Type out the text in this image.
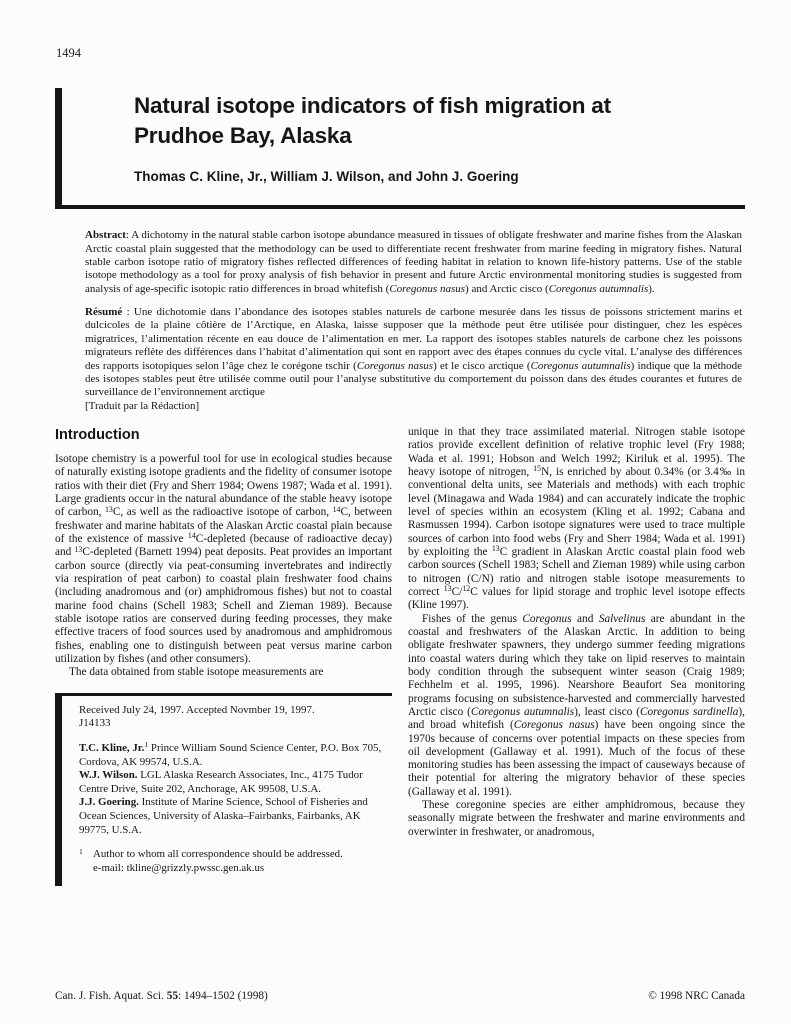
1494
Natural isotope indicators of fish migration at
Prudhoe Bay, Alaska
Thomas C. Kline, Jr., William J. Wilson, and John J. Goering

Abstract: A dichotomy in the natural stable carbon isotope abundance measured in tissues of obligate freshwater and marine fishes from the Alaskan Arctic coastal plain suggested that the methodology can be used to differentiate recent freshwater from marine feeding in migratory fishes. Natural stable carbon isotope ratio of migratory fishes reflected differences of feeding habitat in relation to known life-history patterns. Use of the stable isotope methodology as a tool for proxy analysis of fish behavior in present and future Arctic environmental monitoring studies is suggested from analysis of age-specific isotopic ratio differences in broad whitefish (Coregonus nasus) and Arctic cisco (Coregonus autumnalis).

Résumé : Une dichotomie dans l’abondance des isotopes stables naturels de carbone mesurée dans les tissus de poissons strictement marins et dulcicoles de la plaine côtière de l’Arctique, en Alaska, laisse supposer que la méthode peut être utilisée pour distinguer, chez les espèces migratrices, l’alimentation récente en eau douce de l’alimentation en mer. La rapport des isotopes stables naturels de carbone chez les poissons migrateurs reflète des différences dans l’habitat d’alimentation qui sont en rapport avec des étapes connues du cycle vital. L’analyse des différences des rapports isotopiques selon l’âge chez le corégone tschir (Coregonus nasus) et le cisco arctique (Coregonus autumnalis) indique que la méthode des isotopes stables peut être utilisée comme outil pour l’analyse substitutive du comportement du poisson dans des études courantes et futures de surveillance de l’environnement arctique

[Traduit par la Rédaction]
Introduction

Isotope chemistry is a powerful tool for use in ecological studies because of naturally existing isotope gradients and the fidelity of consumer isotope ratios with their diet (Fry and Sherr 1984; Owens 1987; Wada et al. 1991). Large gradients occur in the natural abundance of the stable heavy isotope of carbon, $^{13}$C, as well as the radioactive isotope of carbon, $^{14}$C, between freshwater and marine habitats of the Alaskan Arctic coastal plain because of the existence of massive $^{14}$C-depleted (because of radioactive decay) and $^{13}$C-depleted (Barnett 1994) peat deposits. Peat provides an important carbon source (directly via peat-consuming invertebrates and indirectly via respiration of peat carbon) to coastal plain freshwater food chains (including anadromous and (or) amphidromous fishes) but not to coastal marine food chains (Schell 1983; Schell and Zieman 1989). Because stable isotope ratios are conserved during feeding processes, they make effective tracers of food sources used by anadromous and amphidromous fishes, enabling one to distinguish between peat versus marine carbon utilization by fishes (and other consumers).

The data obtained from stable isotope measurements are

Received July 24, 1997. Accepted Novmber 19, 1997.
J14133

T.C. Kline, Jr.$^1$ Prince William Sound Science Center, P.O. Box 705, Cordova, AK 99574, U.S.A.

W.J. Wilson. LGL Alaska Research Associates, Inc., 4175 Tudor Centre Drive, Suite 202, Anchorage, AK 99508, U.S.A.

J.J. Goering. Institute of Marine Science, School of Fisheries and Ocean Sciences, University of Alaska–Fairbanks, Fairbanks, AK 99775, U.S.A.

$^1$ Author to whom all correspondence should be addressed.
e-mail: tkline@grizzly.pwssc.gen.ak.us

unique in that they trace assimilated material. Nitrogen stable isotope ratios provide excellent definition of relative trophic level (Fry 1988; Wada et al. 1991; Hobson and Welch 1992; Kiriluk et al. 1995). The heavy isotope of nitrogen, $^{15}$N, is enriched by about 0.34% (or 3.4‰ in conventional delta units, see Materials and methods) with each trophic level (Minagawa and Wada 1984) and can accurately indicate the trophic level of species within an ecosystem (Kling et al. 1992; Cabana and Rasmussen 1994). Carbon isotope signatures were used to trace multiple sources of carbon into food webs (Fry and Sherr 1984; Wada et al. 1991) by exploiting the $^{13}$C gradient in Alaskan Arctic coastal plain food web carbon sources (Schell 1983; Schell and Zieman 1989) while using carbon to nitrogen (C/N) ratio and nitrogen stable isotope measurements to correct $^{13}$C/$^{12}$C values for lipid storage and trophic level isotope effects (Kline 1997).

Fishes of the genus Coregonus and Salvelinus are abundant in the coastal and freshwaters of the Alaskan Arctic. In addition to being obligate freshwater spawners, they undergo summer feeding migrations into coastal waters during which they take on lipid reserves to maintain body condition through the subsequent winter season (Craig 1989; Fechhelm et al. 1995, 1996). Nearshore Beaufort Sea monitoring programs focusing on subsistence-harvested and commercially harvested Arctic cisco (Coregonus autumnalis), least cisco (Coregonus sardinella), and broad whitefish (Coregonus nasus) have been ongoing since the 1970s because of concerns over potential impacts on these species from oil development (Gallaway et al. 1991). Much of the focus of these monitoring studies has been assessing the impact of causeways because of their potential for altering the migratory behavior of these species (Gallaway et al. 1991).

These coregonine species are either amphidromous, because they seasonally migrate between the freshwater and marine environments and overwinter in freshwater, or anadromous,

Can. J. Fish. Aquat. Sci. 55: 1494–1502 (1998)	© 1998 NRC Canada
